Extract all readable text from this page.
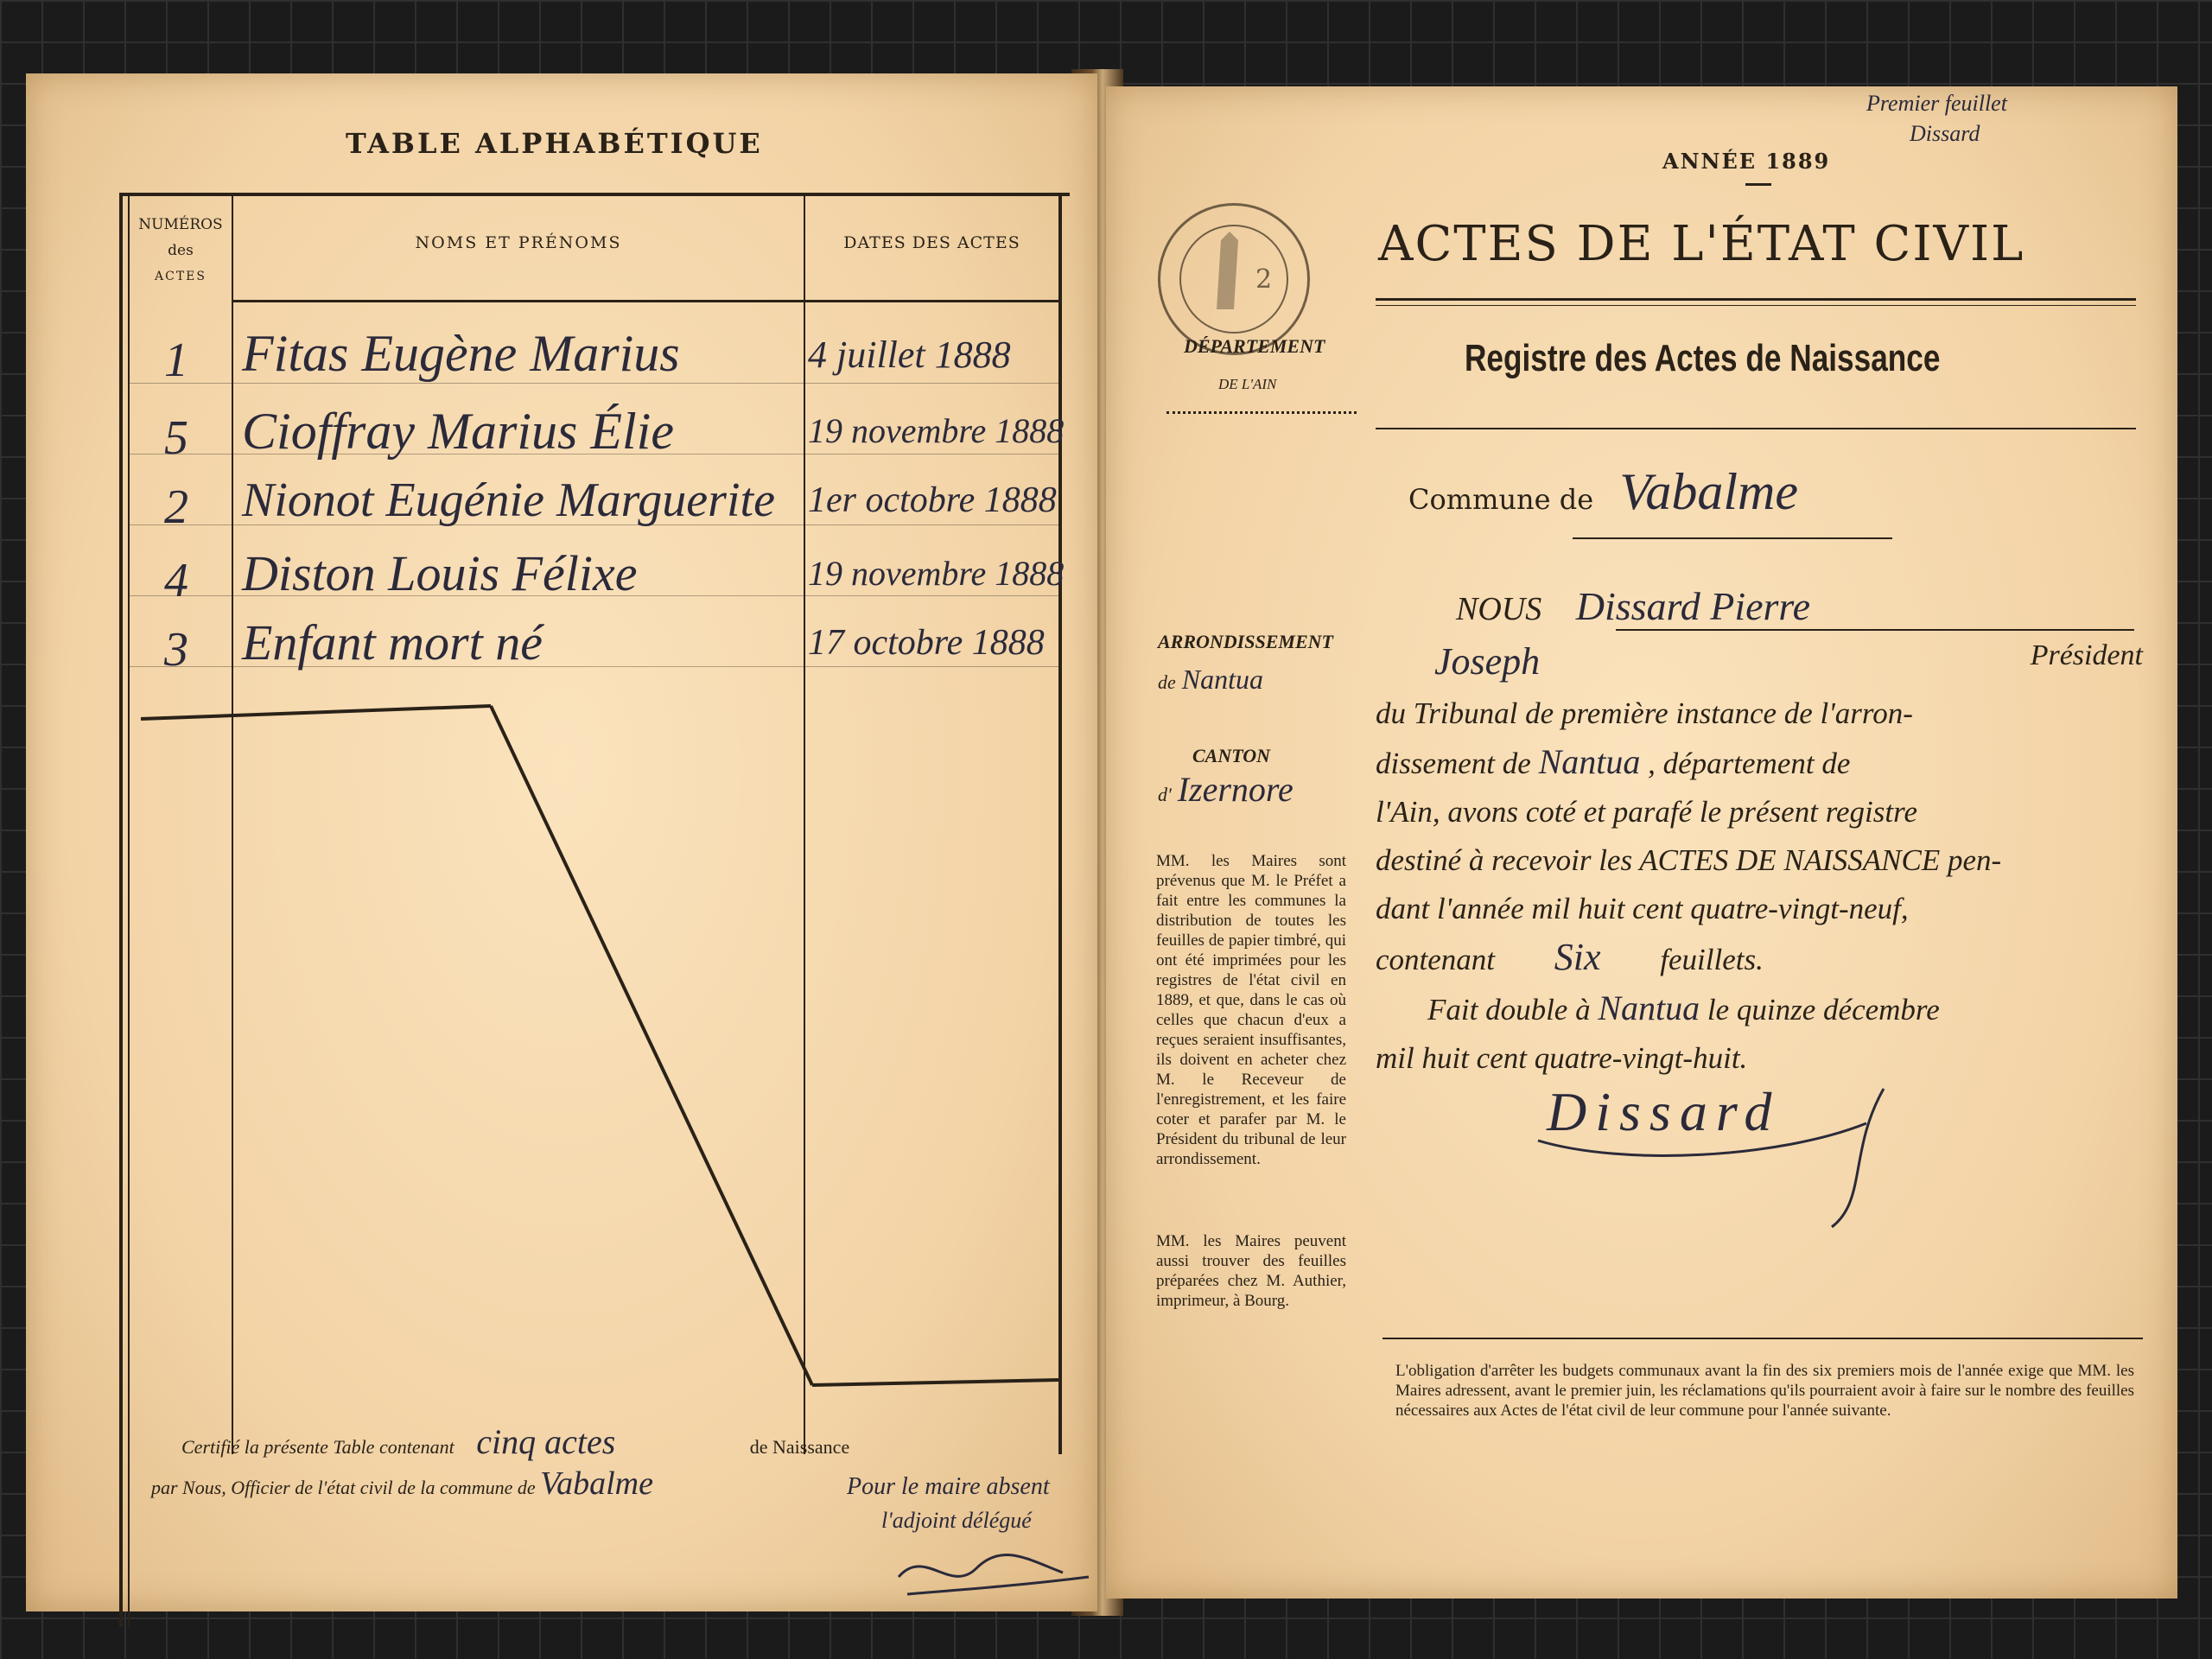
TABLE ALPHABÉTIQUE
NUMÉROS
des
ACTES
NOMS ET PRÉNOMS	DATES DES ACTES
1 Fitas Eugène Marius	4 juillet 1888
5 Cioffray Marius Élie	19 novembre 1888
2 Nionot Eugénie Marguerite 1er octobre 1888
4 Diston Louis Félixe	19 novembre 1888
3 Enfant mort né	17 octobre 1888
Certifié la présente Table contenant cinq actes	de Naissance
par Nous, Officier de l'état civil de la commune de Vabalme	Pour le maire absent
l'adjoint délégué
Premier feuillet
Dissard
ANNÉE 1889
2
DÉPARTEMENT
DE L'AIN
ACTES DE L'ÉTAT CIVIL
Registre des Actes de Naissance
Commune de Vabalme
ARRONDISSEMENT
de Nantua
CANTON
d' Izernore
MM. les Maires sont prévenus que M. le Préfet a fait entre les communes la distribution de toutes les feuilles de papier timbré, qui ont été imprimées pour les registres de l'état civil en 1889, et que, dans le cas où celles que chacun d'eux a reçues seraient insuffisantes, ils doivent en acheter chez M. le Receveur de l'enregistrement, et les faire coter et parafer par M. le Président du tribunal de leur arrondissement.
MM. les Maires peuvent aussi trouver des feuilles préparées chez M. Authier, imprimeur, à Bourg.
NOUS Dissard Pierre
Joseph	Président
du Tribunal de première instance de l'arron-
dissement de Nantua , département de
l'Ain, avons coté et parafé le présent registre
destiné à recevoir les ACTES DE NAISSANCE pen-
dant l'année mil huit cent quatre-vingt-neuf,
contenant Six feuillets.
Fait double à Nantua le quinze décembre
mil huit cent quatre-vingt-huit.
Dissard
L'obligation d'arrêter les budgets communaux avant la fin des six premiers mois de l'année exige que MM. les Maires adressent, avant le premier juin, les réclamations qu'ils pourraient avoir à faire sur le nombre des feuilles nécessaires aux Actes de l'état civil de leur commune pour l'année suivante.
